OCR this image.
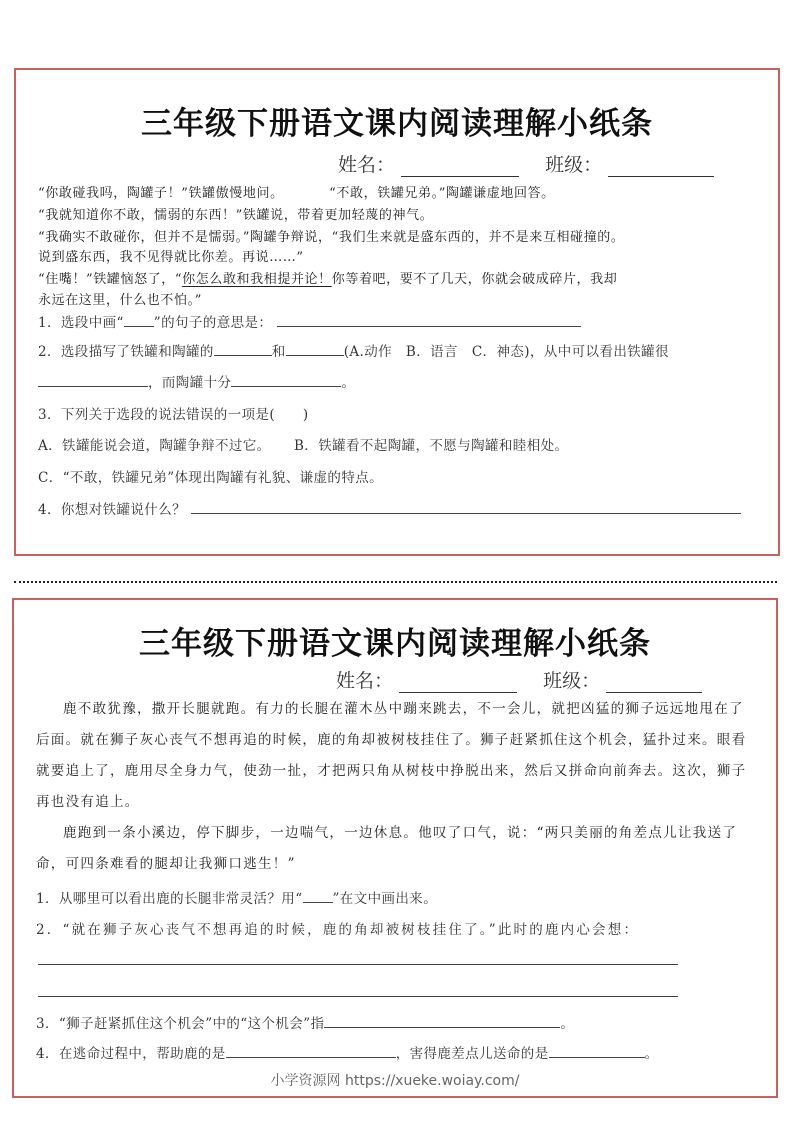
三年级下册语文课内阅读理解小纸条
姓名：	班级：
“你敢碰我吗，陶罐子！”铁罐傲慢地问。	“不敢，铁罐兄弟。”陶罐谦虚地回答。
“我就知道你不敢，懦弱的东西！”铁罐说，带着更加轻蔑的神气。
“我确实不敢碰你，但并不是懦弱。”陶罐争辩说，“我们生来就是盛东西的，并不是来互相碰撞的。
说到盛东西，我不见得就比你差。再说……”
“住嘴！”铁罐恼怒了，“你怎么敢和我相提并论！你等着吧，要不了几天，你就会破成碎片，我却
永远在这里，什么也不怕。”
1．选段中画“ ”的句子的意思是：
2．选段描写了铁罐和陶罐的	和	(A.动作　B．语言　C．神态)，从中可以看出铁罐很
，而陶罐十分	。
3．下列关于选段的说法错误的一项是(　　)
A．铁罐能说会道，陶罐争辩不过它。 B．铁罐看不起陶罐，不愿与陶罐和睦相处。
C．“不敢，铁罐兄弟”体现出陶罐有礼貌、谦虚的特点。
4．你想对铁罐说什么？
三年级下册语文课内阅读理解小纸条
姓名：	班级：
鹿不敢犹豫，撒开长腿就跑。有力的长腿在灌木丛中蹦来跳去，不一会儿，就把凶猛的狮子远远地甩在了后面。就在狮子灰心丧气不想再追的时候，鹿的角却被树枝挂住了。狮子赶紧抓住这个机会，猛扑过来。眼看就要追上了，鹿用尽全身力气，使劲一扯，才把两只角从树枝中挣脱出来，然后又拼命向前奔去。这次，狮子再也没有追上。
鹿跑到一条小溪边，停下脚步，一边喘气，一边休息。他叹了口气，说：“两只美丽的角差点儿让我送了命，可四条难看的腿却让我狮口逃生！”
1．从哪里可以看出鹿的长腿非常灵活？用“ ”在文中画出来。
2．“就在狮子灰心丧气不想再追的时候，鹿的角却被树枝挂住了。”此时的鹿内心会想：
3．“狮子赶紧抓住这个机会”中的“这个机会”指	。
4．在逃命过程中，帮助鹿的是	，害得鹿差点儿送命的是	。
小学资源网 https://xueke.woiay.com/
